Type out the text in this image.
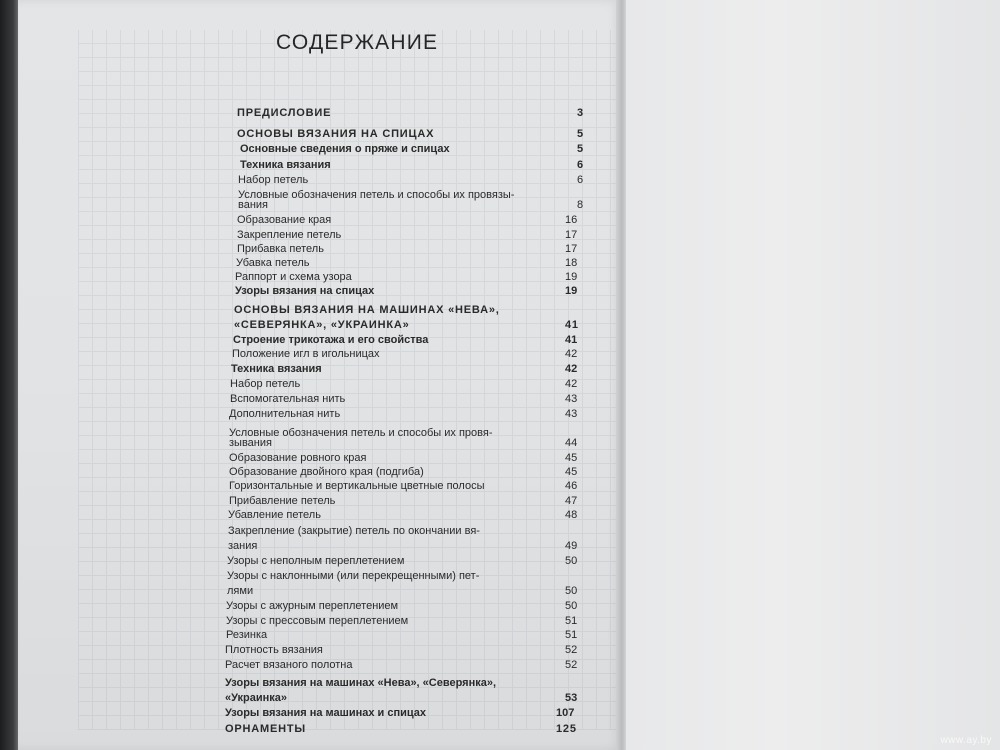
СОДЕРЖАНИЕ
ПРЕДИСЛОВИЕ	3
ОСНОВЫ ВЯЗАНИЯ НА СПИЦАХ	5
Основные сведения о пряже и спицах	5
Техника вязания	6
Набор петель	6
Условные обозначения петель и способы их провязы-
вания	8
Образование края	16
Закрепление петель	17
Прибавка петель	17
Убавка петель	18
Раппорт и схема узора	19
Узоры вязания на спицах	19
ОСНОВЫ ВЯЗАНИЯ НА МАШИНАХ «НЕВА»,
«СЕВЕРЯНКА», «УКРАИНКА»	41
Строение трикотажа и его свойства	41
Положение игл в игольницах	42
Техника вязания	42
Набор петель	42
Вспомогательная нить	43
Дополнительная нить	43
Условные обозначения петель и способы их провя-
зывания	44
Образование ровного края	45
Образование двойного края (подгиба)	45
Горизонтальные и вертикальные цветные полосы	46
Прибавление петель	47
Убавление петель	48
Закрепление (закрытие) петель по окончании вя-
зания	49
Узоры с неполным переплетением	50
Узоры с наклонными (или перекрещенными) пет-
лями	50
Узоры с ажурным переплетением	50
Узоры с прессовым переплетением	51
Резинка	51
Плотность вязания	52
Расчет вязаного полотна	52
Узоры вязания на машинах «Нева», «Северянка»,
«Украинка»	53
Узоры вязания на машинах и спицах	107
ОРНАМЕНТЫ	125
www.ay.by
